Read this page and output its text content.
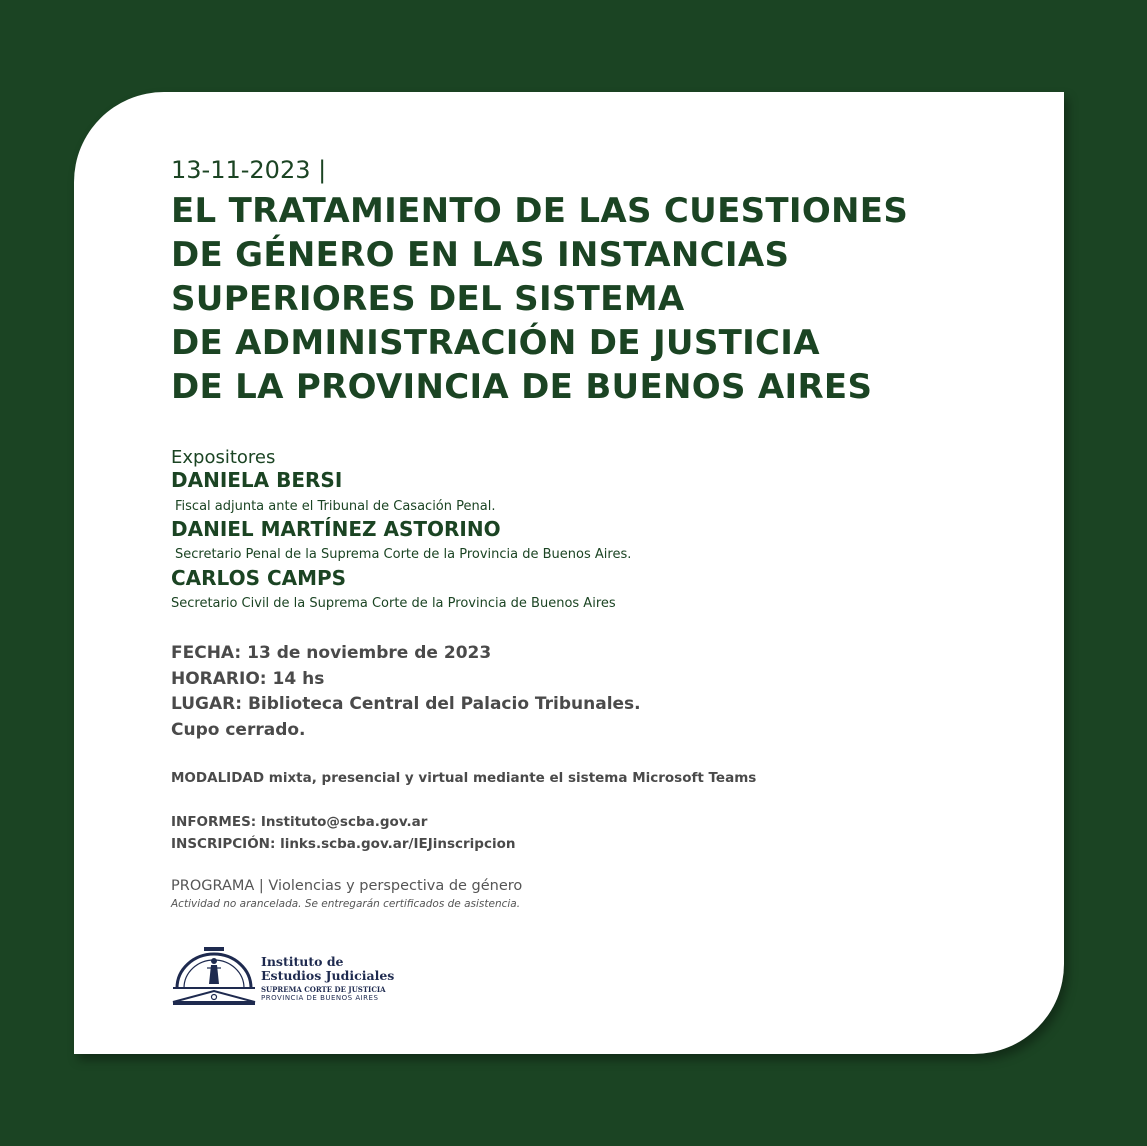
13-11-2023 |
EL TRATAMIENTO DE LAS CUESTIONES
DE GÉNERO EN LAS INSTANCIAS
SUPERIORES DEL SISTEMA
DE ADMINISTRACIÓN DE JUSTICIA
DE LA PROVINCIA DE BUENOS AIRES
Expositores
DANIELA BERSI
Fiscal adjunta ante el Tribunal de Casación Penal.
DANIEL MARTÍNEZ ASTORINO
Secretario Penal de la Suprema Corte de la Provincia de Buenos Aires.
CARLOS CAMPS
Secretario Civil de la Suprema Corte de la Provincia de Buenos Aires
FECHA: 13 de noviembre de 2023
HORARIO: 14 hs
LUGAR: Biblioteca Central del Palacio Tribunales.
Cupo cerrado.
MODALIDAD mixta, presencial y virtual mediante el sistema Microsoft Teams
INFORMES: Instituto@scba.gov.ar
INSCRIPCIÓN: links.scba.gov.ar/IEJinscripcion
PROGRAMA | Violencias y perspectiva de género
Actividad no arancelada. Se entregarán certificados de asistencia.
Instituto de
Estudios Judiciales
SUPREMA CORTE DE JUSTICIA
PROVINCIA DE BUENOS AIRES
